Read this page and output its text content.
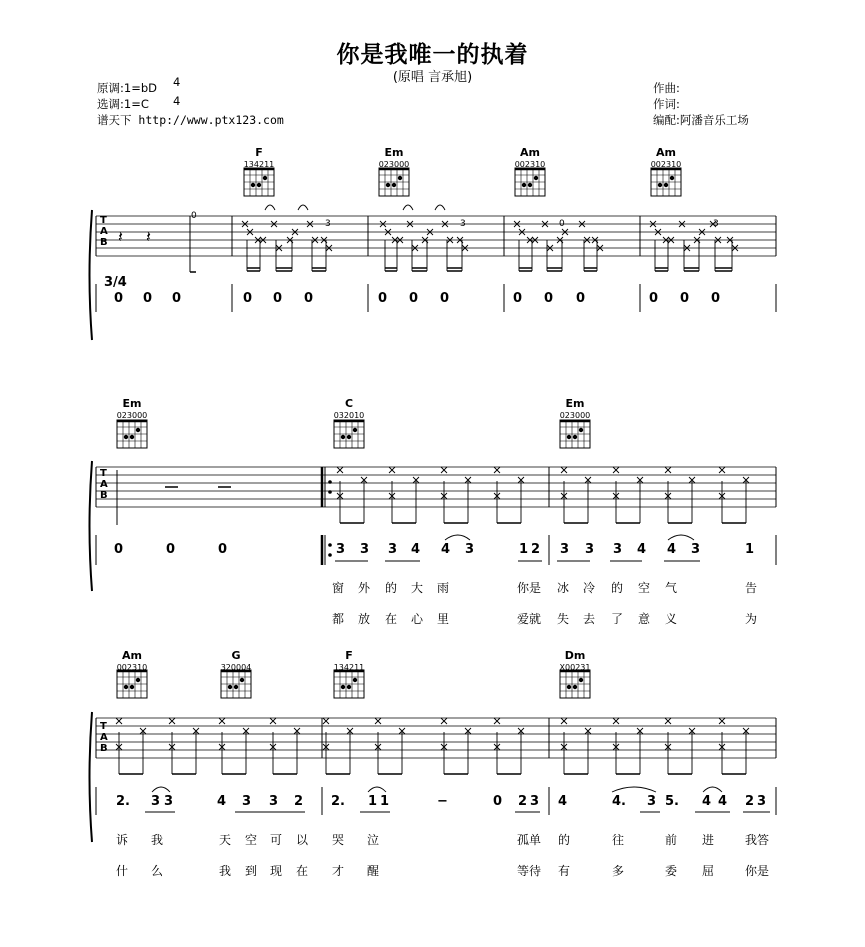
你是我唯一的执着
(原唱 言承旭)
原调:1=bD
选调:1=C
谱天下 http://www.ptx123.com
4
4
作曲:
作词:
编配:阿潘音乐工场
F
134211
Em
023000
Am
002310
Am
002310
T
A
B
3/4
0
3	3	0	3
0 0 0	0 0 0	0 0 0	0 0 0	0 0 0
Em
023000
C
032010
Em
023000
T
A
B
0	0	0	3 3 3 4 4 3	1 2 3 3 3 4 4 3	1
窗 外 的 大 雨	你是 冰 冷 的 空 气	告
都 放 在 心 里	爱就 失 去 了 意 义	为
Am
002310
G
320004
F
134211
Dm
X00231
T
A
B
2. 3 3	4 3 3 2 2. 1 1	−	0 2 3 4	4. 3 5. 4 4 2 3
诉 我	天 空 可 以 哭 泣	孤单 的	往	前 进	我答
什 么	我 到 现 在 才 醒	等待 有	多	委 屈	你是
𝄽 𝄽
